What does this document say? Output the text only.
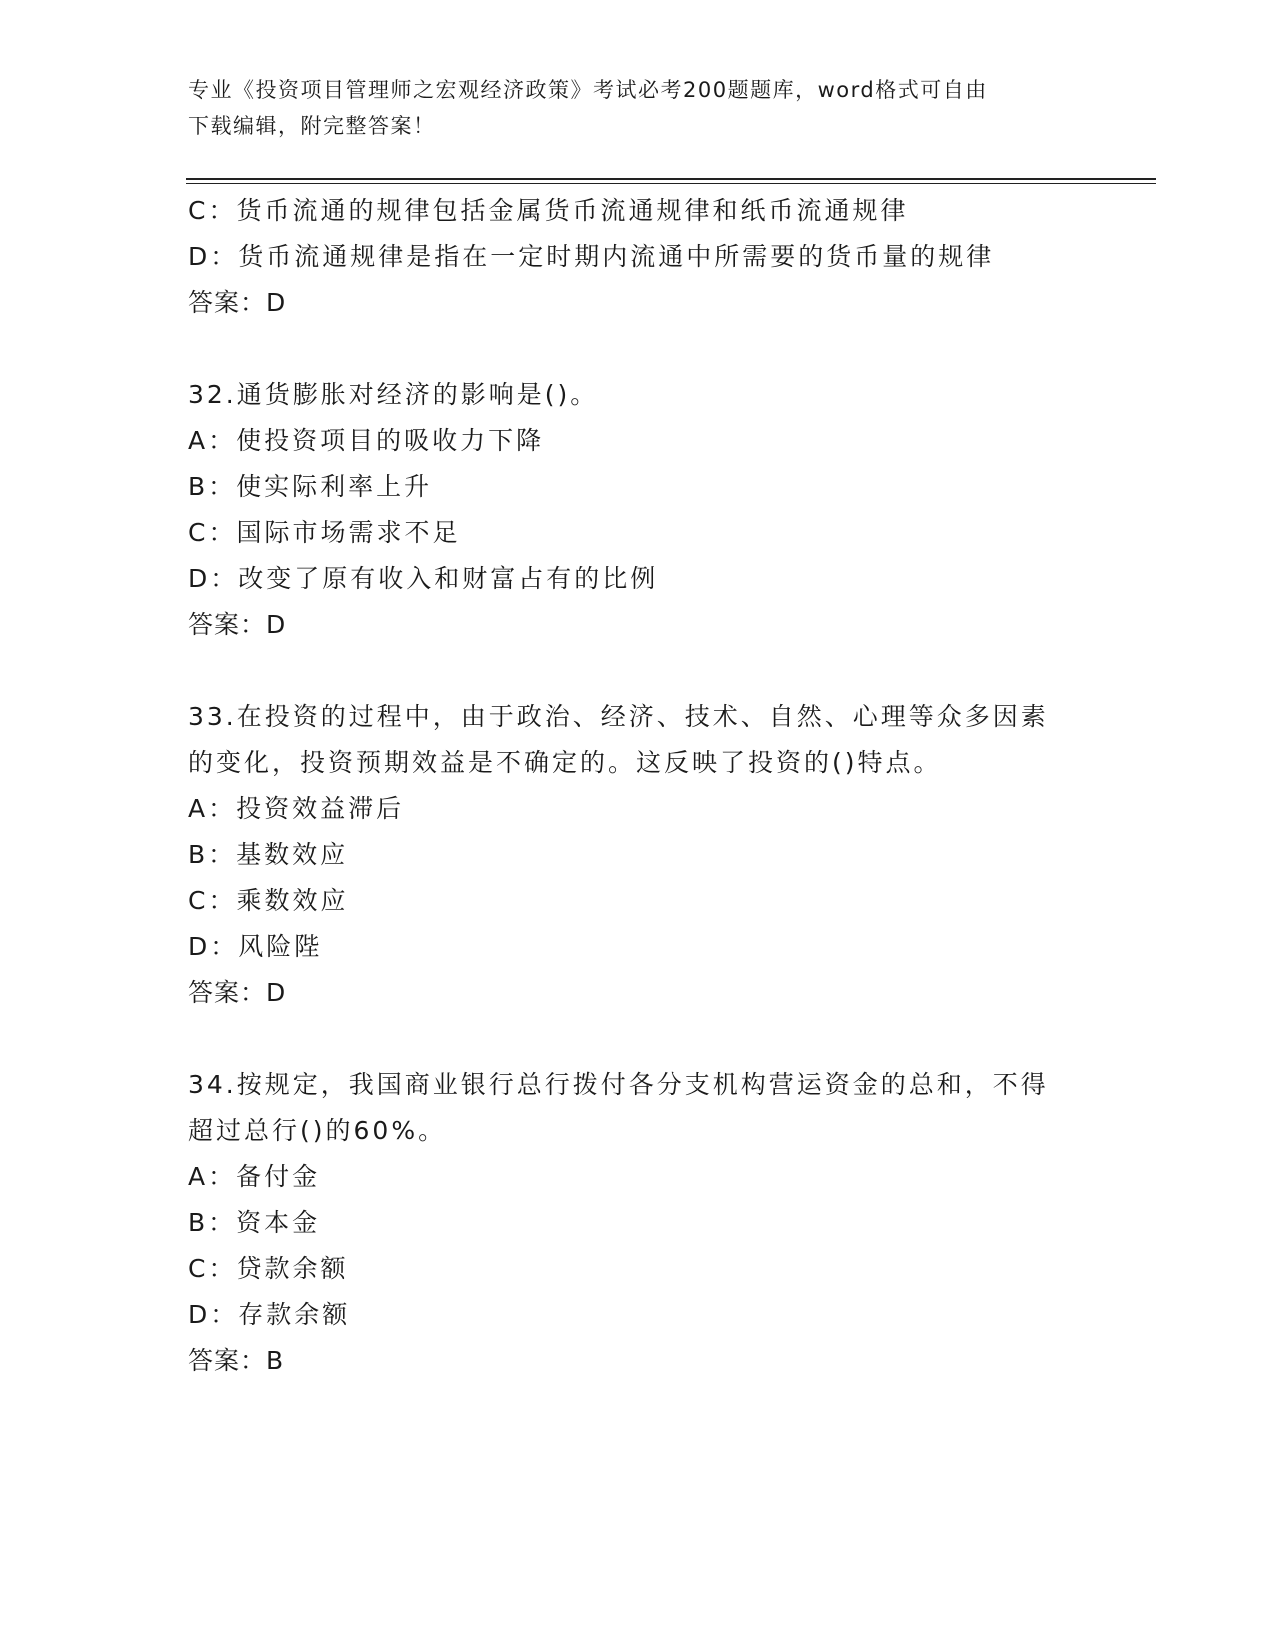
专业《投资项目管理师之宏观经济政策》考试必考200题题库，word格式可自由
下载编辑，附完整答案！
C：货币流通的规律包括金属货币流通规律和纸币流通规律
D：货币流通规律是指在一定时期内流通中所需要的货币量的规律
答案：D
32.通货膨胀对经济的影响是()。
A：使投资项目的吸收力下降
B：使实际利率上升
C：国际市场需求不足
D：改变了原有收入和财富占有的比例
答案：D
33.在投资的过程中，由于政治、经济、技术、自然、心理等众多因素
的变化，投资预期效益是不确定的。这反映了投资的()特点。
A：投资效益滞后
B：基数效应
C：乘数效应
D：风险陛
答案：D
34.按规定，我国商业银行总行拨付各分支机构营运资金的总和，不得
超过总行()的60%。
A：备付金
B：资本金
C：贷款余额
D：存款余额
答案：B
